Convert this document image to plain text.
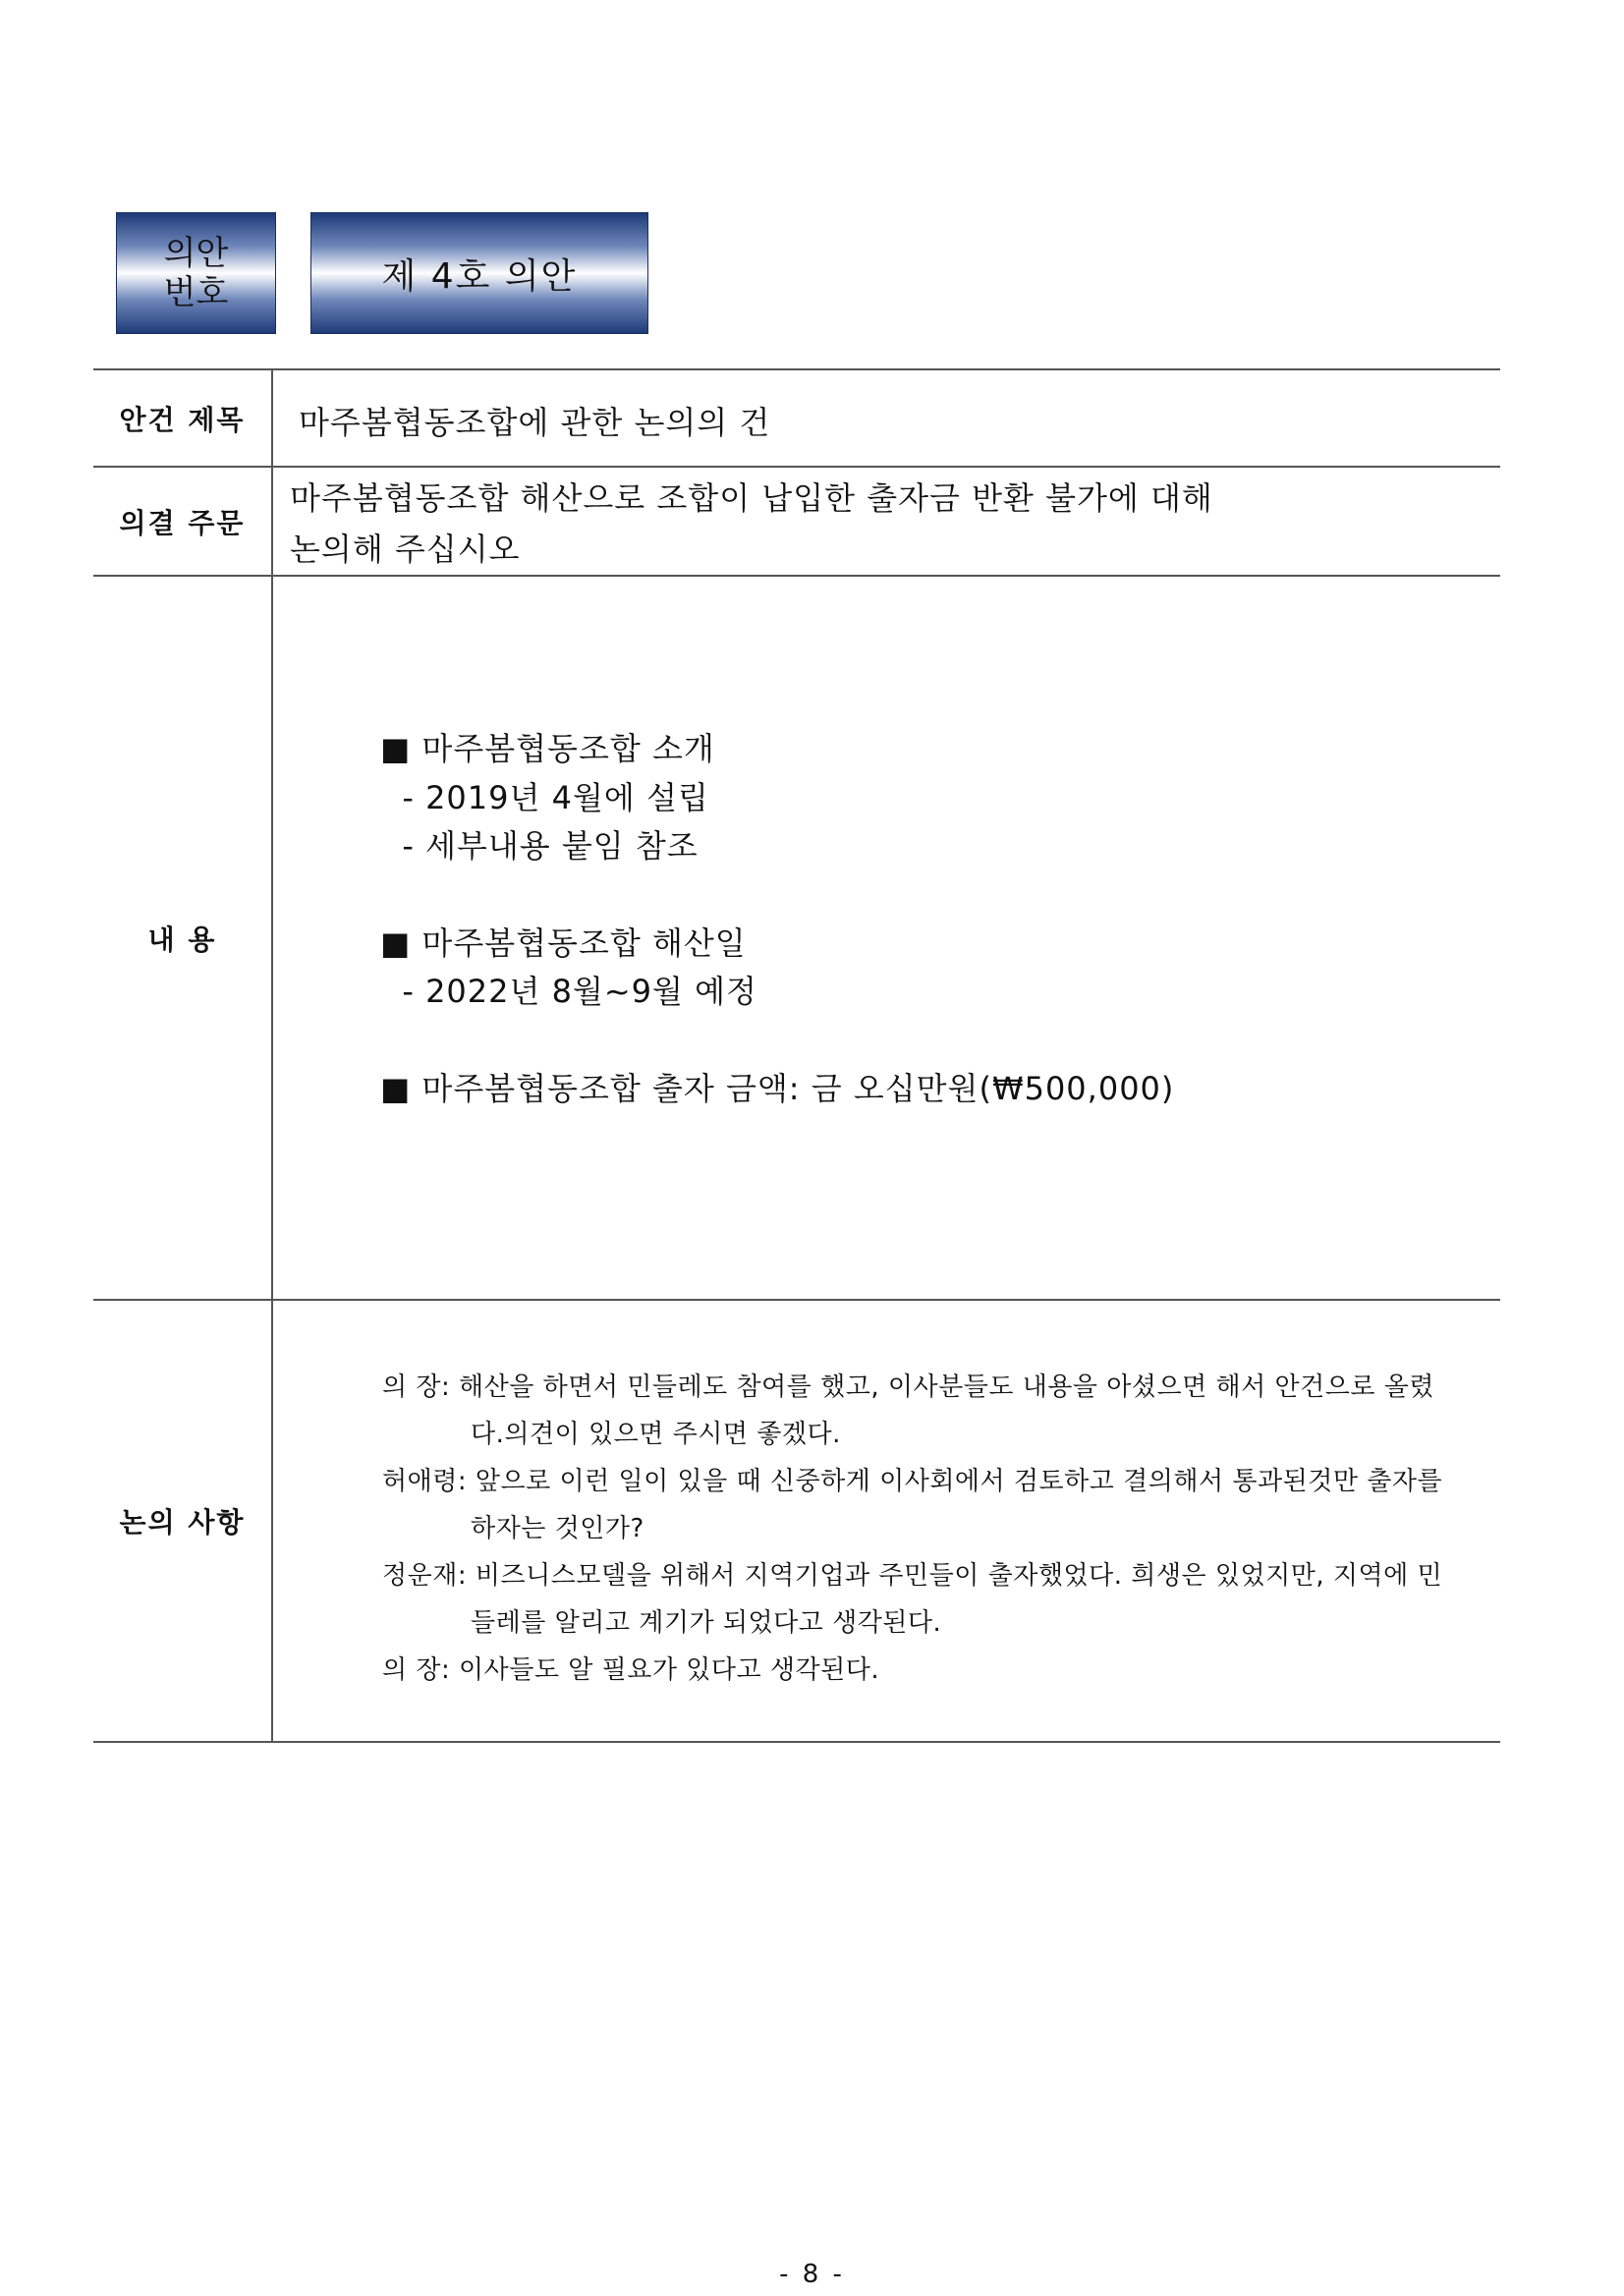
의안
번호	제 4호 의안
안건 제목	마주봄협동조합에 관한 논의의 건
의결 주문
마주봄협동조합 해산으로 조합이 납입한 출자금 반환 불가에 대해
논의해 주십시오
내 용
■ 마주봄협동조합 소개
- 2019년 4월에 설립
- 세부내용 붙임 참조
■ 마주봄협동조합 해산일
- 2022년 8월~9월 예정
■ 마주봄협동조합 출자 금액: 금 오십만원(₩500,000)
논의 사항
의 장: 해산을 하면서 민들레도 참여를 했고, 이사분들도 내용을 아셨으면 해서 안건으로 올렸
다.의견이 있으면 주시면 좋겠다.
허애령: 앞으로 이런 일이 있을 때 신중하게 이사회에서 검토하고 결의해서 통과된것만 출자를
하자는 것인가?
정운재: 비즈니스모델을 위해서 지역기업과 주민들이 출자했었다. 희생은 있었지만, 지역에 민
들레를 알리고 계기가 되었다고 생각된다.
의 장: 이사들도 알 필요가 있다고 생각된다.
- 8 -
